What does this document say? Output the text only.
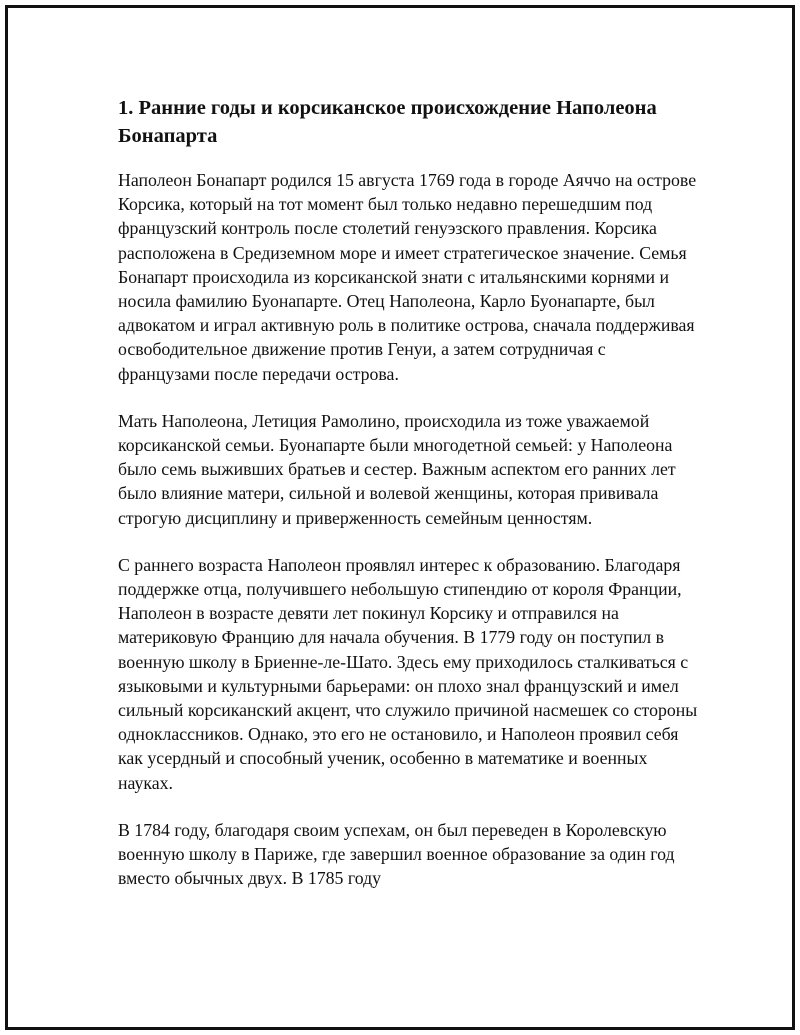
1. Ранние годы и корсиканское происхождение Наполеона Бонапарта

Наполеон Бонапарт родился 15 августа 1769 года в городе Аяччо на острове Корсика, который на тот момент был только недавно перешедшим под французский контроль после столетий генуэзского правления. Корсика расположена в Средиземном море и имеет стратегическое значение. Семья Бонапарт происходила из корсиканской знати с итальянскими корнями и носила фамилию Буонапарте. Отец Наполеона, Карло Буонапарте, был адвокатом и играл активную роль в политике острова, сначала поддерживая освободительное движение против Генуи, а затем сотрудничая с французами после передачи острова.

Мать Наполеона, Летиция Рамолино, происходила из тоже уважаемой корсиканской семьи. Буонапарте были многодетной семьей: у Наполеона было семь выживших братьев и сестер. Важным аспектом его ранних лет было влияние матери, сильной и волевой женщины, которая прививала строгую дисциплину и приверженность семейным ценностям.

С раннего возраста Наполеон проявлял интерес к образованию. Благодаря поддержке отца, получившего небольшую стипендию от короля Франции, Наполеон в возрасте девяти лет покинул Корсику и отправился на материковую Францию для начала обучения. В 1779 году он поступил в военную школу в Бриенне-ле-Шато. Здесь ему приходилось сталкиваться с языковыми и культурными барьерами: он плохо знал французский и имел сильный корсиканский акцент, что служило причиной насмешек со стороны одноклассников. Однако, это его не остановило, и Наполеон проявил себя как усердный и способный ученик, особенно в математике и военных науках.

В 1784 году, благодаря своим успехам, он был переведен в Королевскую военную школу в Париже, где завершил военное образование за один год вместо обычных двух. В 1785 году
